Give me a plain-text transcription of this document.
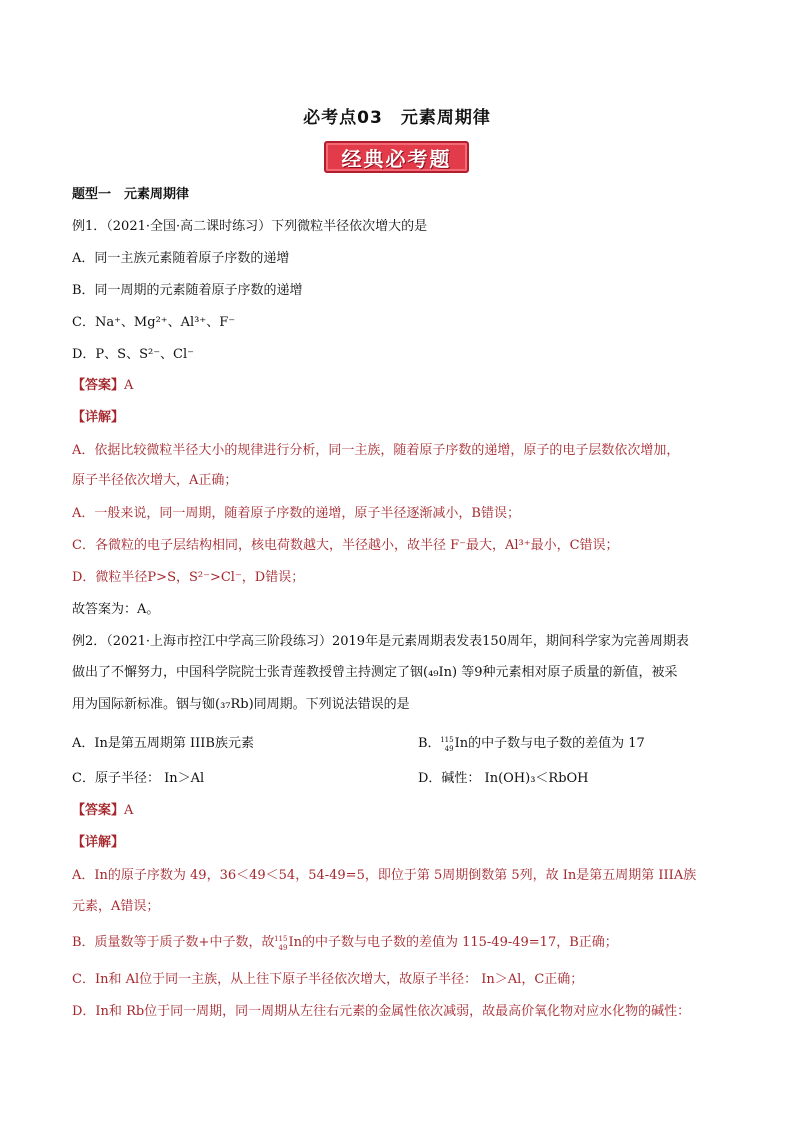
必考点03　元素周期律
经典必考题
题型一　元素周期律
例1．（2021·全国·高二课时练习）下列微粒半径依次增大的是
A．同一主族元素随着原子序数的递增
B．同一周期的元素随着原子序数的递增
C．Na⁺、Mg²⁺、Al³⁺、F⁻
D．P、S、S²⁻、Cl⁻
【答案】A
【详解】
A．依据比较微粒半径大小的规律进行分析，同一主族，随着原子序数的递增，原子的电子层数依次增加，
原子半径依次增大，A正确；
A．一般来说，同一周期，随着原子序数的递增，原子半径逐渐减小，B错误；
C．各微粒的电子层结构相同，核电荷数越大，半径越小，故半径 F⁻最大，Al³⁺最小，C错误；
D．微粒半径P>S，S²⁻>Cl⁻，D错误；
故答案为：A。
例2．（2021·上海市控江中学高三阶段练习）2019年是元素周期表发表150周年，期间科学家为完善周期表
做出了不懈努力，中国科学院院士张青莲教授曾主持测定了铟(₄₉In) 等9种元素相对原子质量的新值，被采
用为国际新标准。铟与铷(₃₇Rb)同周期。下列说法错误的是
A．In是第五周期第 IIIB族元素	B． 115
49 In的中子数与电子数的差值为 17
C．原子半径： In＞Al	D．碱性： In(OH)₃＜RbOH
【答案】A
【详解】
A．In的原子序数为 49，36＜49＜54，54-49=5，即位于第 5周期倒数第 5列，故 In是第五周期第 IIIA族
元素，A错误；
B．质量数等于质子数+中子数，故 115
49 In的中子数与电子数的差值为 115-49-49=17，B正确；
C．In和 Al位于同一主族，从上往下原子半径依次增大，故原子半径： In＞Al，C正确；
D．In和 Rb位于同一周期，同一周期从左往右元素的金属性依次减弱，故最高价氧化物对应水化物的碱性：
